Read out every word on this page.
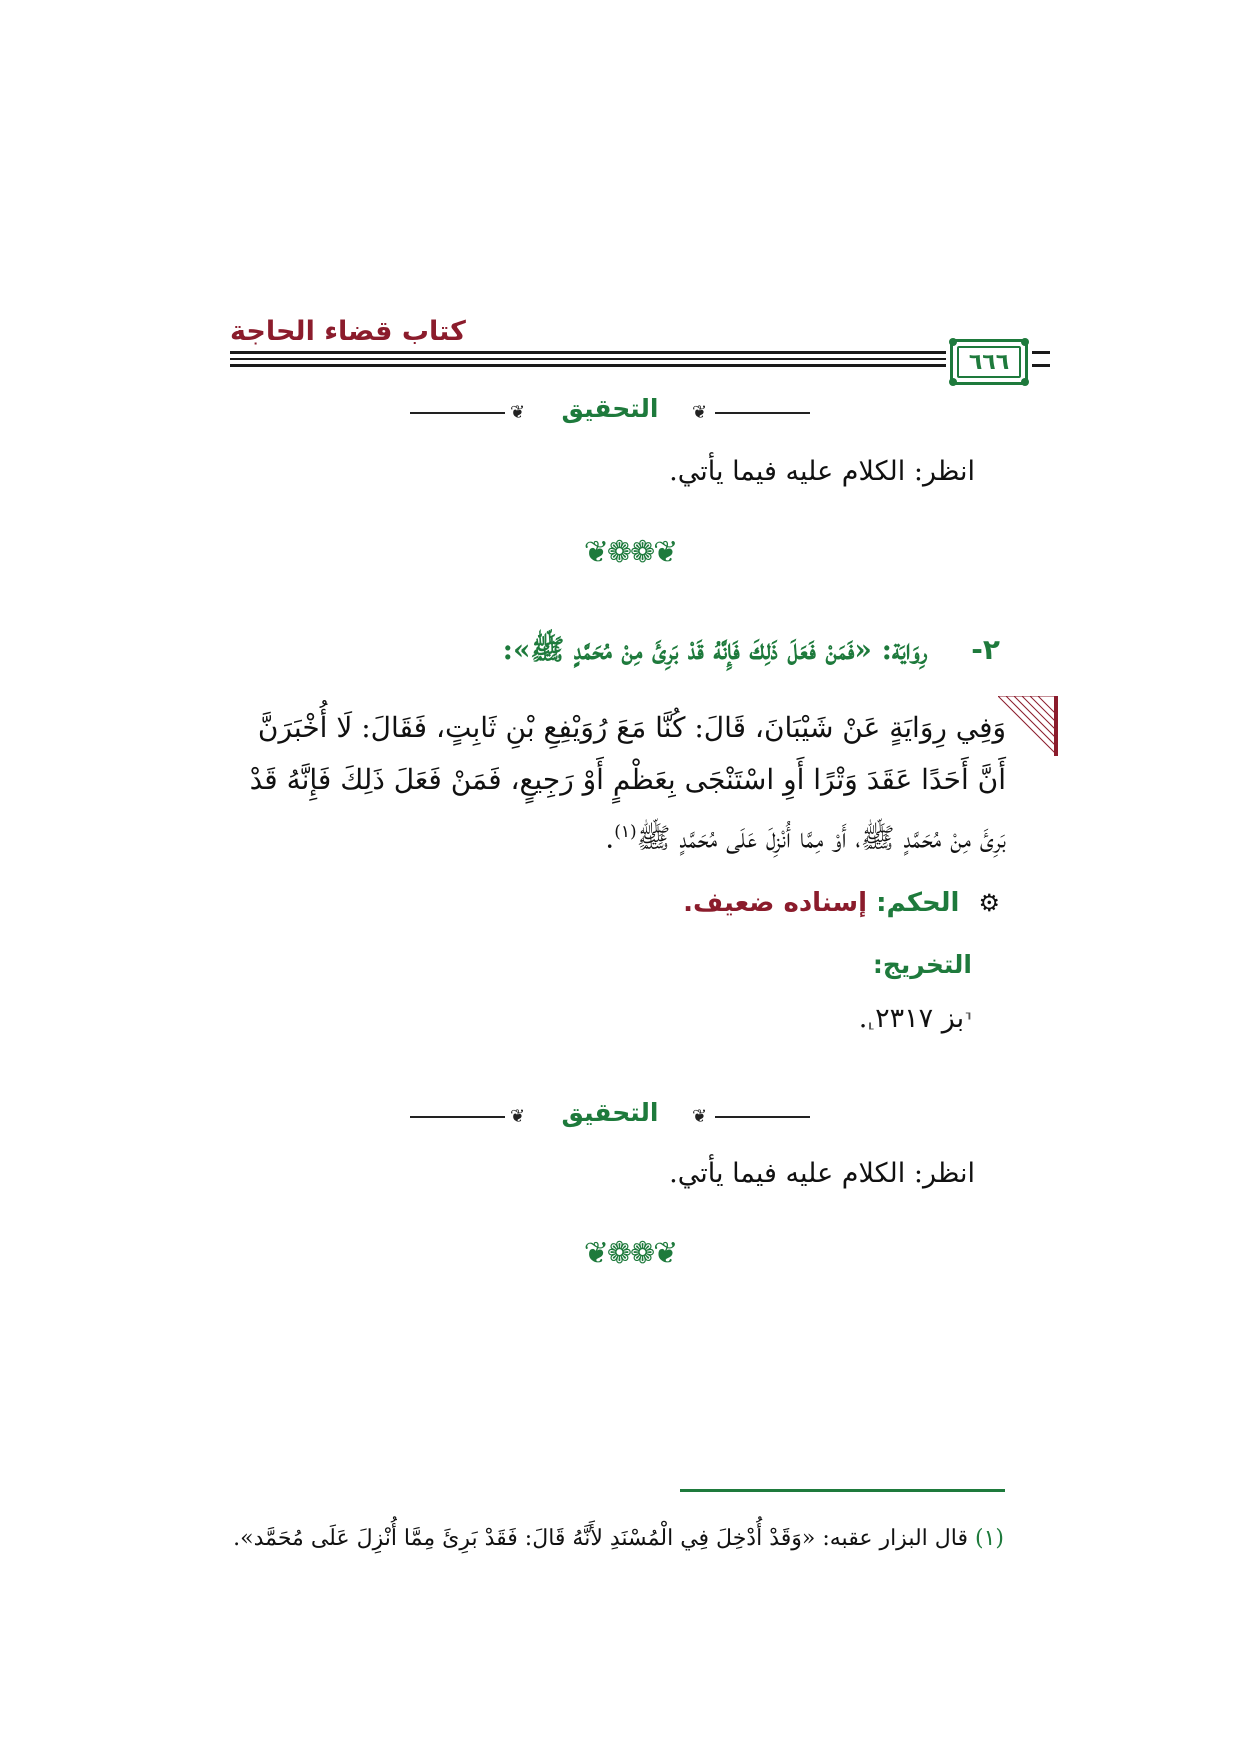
كتاب قضاء الحاجة
٦٦٦
❦	❦
التحقيق
انظر: الكلام عليه فيما يأتي.
❦❁❁❦
٢- رِوَايَة: «فَمَنْ فَعَلَ ذَلِكَ فَإِنَّهُ قَدْ بَرِئَ مِنْ مُحَمَّدٍ ﷺ»:
وَفِي رِوَايَةٍ عَنْ شَيْبَانَ، قَالَ: كُنَّا مَعَ رُوَيْفِعِ بْنِ ثَابِتٍ، فَقَالَ: لَا أُخْبَرَنَّ
أَنَّ أَحَدًا عَقَدَ وَتْرًا أَوِ اسْتَنْجَى بِعَظْمٍ أَوْ رَجِيعٍ، فَمَنْ فَعَلَ ذَلِكَ فَإِنَّهُ قَدْ
بَرِئَ مِنْ مُحَمَّدٍ ﷺ، أَوْ مِمَّا أُنْزِلَ عَلَى مُحَمَّدٍ ﷺ$^{(١)}$.
⚙ الحكم: إسناده ضعيف.
التخريج:
⸢بز ٢٣١٧⸥.
❦	❦
التحقيق
انظر: الكلام عليه فيما يأتي.
❦❁❁❦
(١) قال البزار عقبه: «وَقَدْ أُدْخِلَ فِي الْمُسْنَدِ لأَنَّهُ قَالَ: فَقَدْ بَرِئَ مِمَّا أُنْزِلَ عَلَى مُحَمَّد».
